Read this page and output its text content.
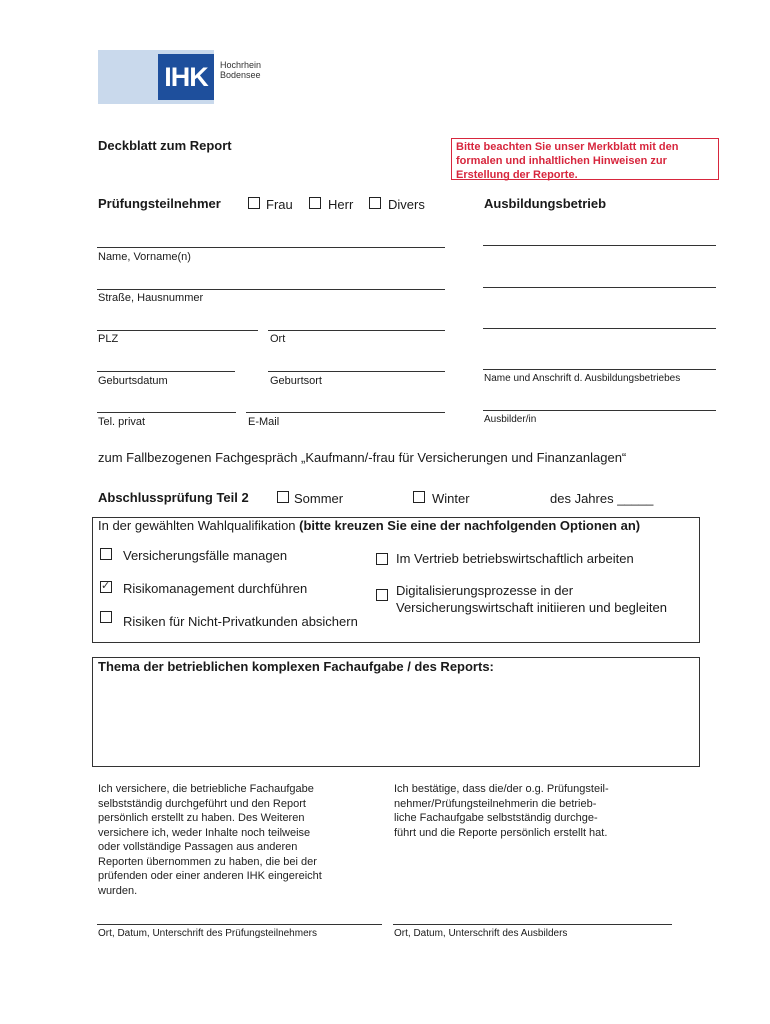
IHK	Hochrhein
Bodensee
Deckblatt zum Report	Bitte beachten Sie unser Merkblatt mit den formalen und inhaltlichen Hinweisen zur Erstellung der Reporte.
Prüfungsteilnehmer	Frau	Herr	Divers	Ausbildungsbetrieb
Name, Vorname(n)
Straße, Hausnummer
PLZ	Ort
Geburtsdatum	Geburtsort
Tel. privat	E-Mail
Name und Anschrift d. Ausbildungsbetriebes
Ausbilder/in
zum Fallbezogenen Fachgespräch „Kaufmann/-frau für Versicherungen und Finanzanlagen“
Abschlussprüfung Teil 2	Sommer	Winter	des Jahres _____
In der gewählten Wahlqualifikation (bitte kreuzen Sie eine der nachfolgenden Optionen an)
Versicherungsfälle managen
✓
Risikomanagement durchführen
Risiken für Nicht-Privatkunden absichern
Im Vertrieb betriebswirtschaftlich arbeiten
Digitalisierungsprozesse in der
Versicherungswirtschaft initiieren und begleiten
Thema der betrieblichen komplexen Fachaufgabe / des Reports:
Ich versichere, die betriebliche Fachaufgabe
selbstständig durchgeführt und den Report
persönlich erstellt zu haben. Des Weiteren
versichere ich, weder Inhalte noch teilweise
oder vollständige Passagen aus anderen
Reporten übernommen zu haben, die bei der
prüfenden oder einer anderen IHK eingereicht
wurden.
Ich bestätige, dass die/der o.g. Prüfungsteil-
nehmer/Prüfungsteilnehmerin die betrieb-
liche Fachaufgabe selbstständig durchge-
führt und die Reporte persönlich erstellt hat.
Ort, Datum, Unterschrift des Prüfungsteilnehmers	Ort, Datum, Unterschrift des Ausbilders
